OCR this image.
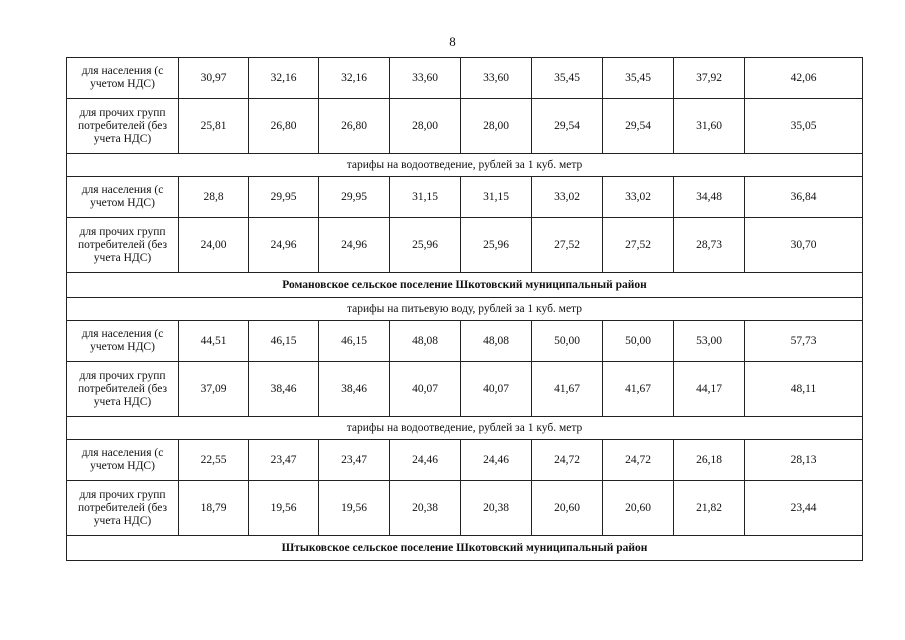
8
для населения (с учетом НДС)	30,97	32,16	32,16	33,60	33,60	35,45	35,45	37,92	42,06
для прочих групп потребителей (без учета НДС)	25,81	26,80	26,80	28,00	28,00	29,54	29,54	31,60	35,05
тарифы на водоотведение, рублей за 1 куб. метр									
для населения (с учетом НДС)	28,8	29,95	29,95	31,15	31,15	33,02	33,02	34,48	36,84
для прочих групп потребителей (без учета НДС)	24,00	24,96	24,96	25,96	25,96	27,52	27,52	28,73	30,70
Романовское сельское поселение Шкотовский муниципальный район									
тарифы на питьевую воду, рублей за 1 куб. метр									
для населения (с учетом НДС)	44,51	46,15	46,15	48,08	48,08	50,00	50,00	53,00	57,73
для прочих групп потребителей (без учета НДС)	37,09	38,46	38,46	40,07	40,07	41,67	41,67	44,17	48,11
тарифы на водоотведение, рублей за 1 куб. метр									
для населения (с учетом НДС)	22,55	23,47	23,47	24,46	24,46	24,72	24,72	26,18	28,13
для прочих групп потребителей (без учета НДС)	18,79	19,56	19,56	20,38	20,38	20,60	20,60	21,82	23,44
Штыковское сельское поселение Шкотовский муниципальный район									
